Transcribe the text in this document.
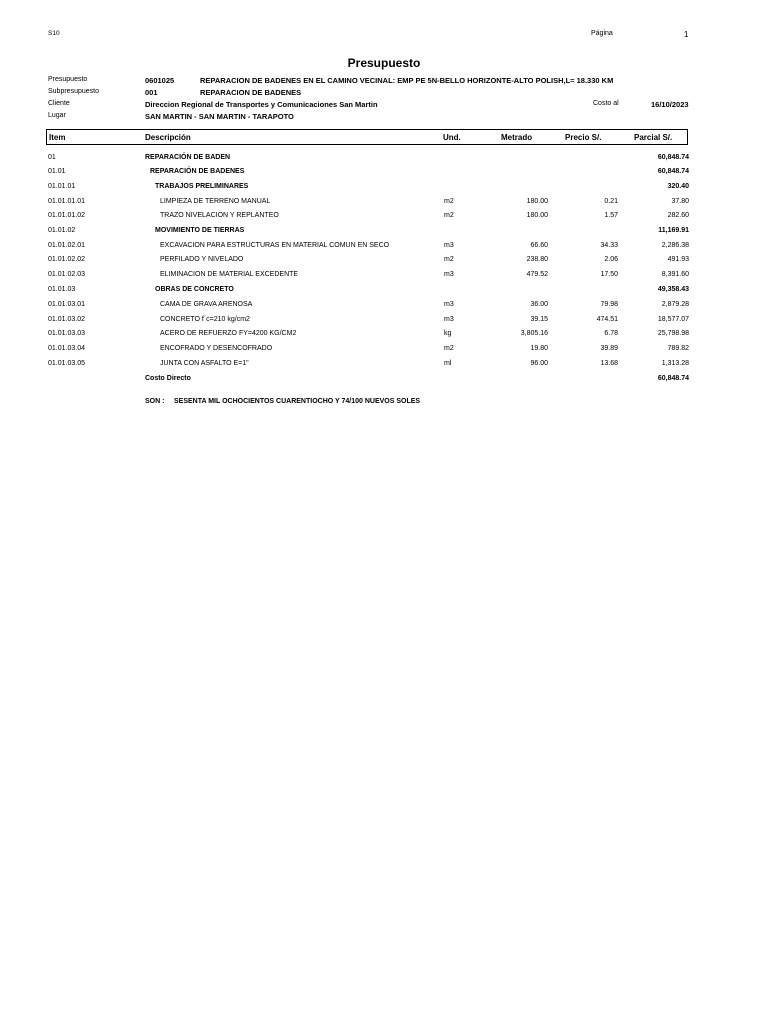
S10	Página	1
Presupuesto
Presupuesto	0601025	REPARACION DE BADENES EN EL CAMINO VECINAL: EMP PE 5N-BELLO HORIZONTE-ALTO POLISH,L= 18.330 KM
Subpresupuesto	001	REPARACION DE BADENES
Cliente	Direccion Regional de Transportes y Comunicaciones San Martin	Costo al	16/10/2023
Lugar	SAN MARTIN - SAN MARTIN - TARAPOTO
Item	Descripción	Und.	Metrado	Precio S/.	Parcial S/.
01	REPARACIÓN DE BADEN	60,848.74
01.01	REPARACIÓN DE BADENES	60,848.74
01.01.01	TRABAJOS PRELIMINARES	320.40
01.01.01.01	LIMPIEZA DE TERRENO MANUAL	m2	180.00	0.21	37.80
01.01.01.02	TRAZO NIVELACION Y REPLANTEO	m2	180.00	1.57	282.60
01.01.02	MOVIMIENTO DE TIERRAS	11,169.91
01.01.02.01	EXCAVACION PARA ESTRUCTURAS EN MATERIAL COMUN EN SECO	m3	66.60	34.33	2,286.38
01.01.02.02	PERFILADO Y NIVELADO	m2	238.80	2.06	491.93
01.01.02.03	ELIMINACION DE MATERIAL EXCEDENTE	m3	479.52	17.50	8,391.60
01.01.03	OBRAS DE CONCRETO	49,358.43
01.01.03.01	CAMA DE GRAVA ARENOSA	m3	36.00	79.98	2,879.28
01.01.03.02	CONCRETO f´c=210 kg/cm2	m3	39.15	474.51	18,577.07
01.01.03.03	ACERO DE REFUERZO FY=4200 KG/CM2	kg	3,805.16	6.78	25,798.98
01.01.03.04	ENCOFRADO Y DESENCOFRADO	m2	19.80	39.89	789.82
01.01.03.05	JUNTA CON ASFALTO E=1"	ml	96.00	13.68	1,313.28
Costo Directo	60,848.74
SON : SESENTA MIL OCHOCIENTOS CUARENTIOCHO Y 74/100 NUEVOS SOLES
